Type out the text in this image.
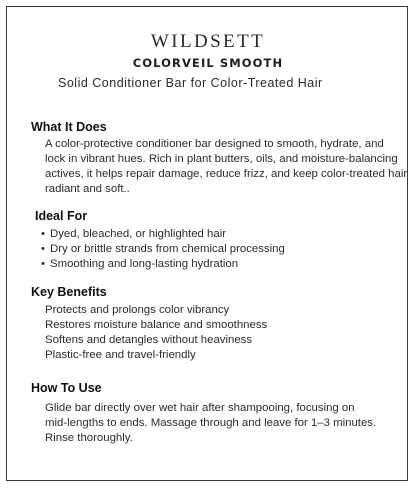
WILDSETT
COLORVEIL SMOOTH
Solid Conditioner Bar for Color-Treated Hair

What It Does

A color-protective conditioner bar designed to smooth, hydrate, and
lock in vibrant hues. Rich in plant butters, oils, and moisture-balancing
actives, it helps repair damage, reduce frizz, and keep color-treated hair
radiant and soft..

Ideal For

• Dyed, bleached, or highlighted hair
• Dry or brittle strands from chemical processing
• Smoothing and long-lasting hydration

Key Benefits

Protects and prolongs color vibrancy
Restores moisture balance and smoothness
Softens and detangles without heaviness
Plastic-free and travel-friendly

How To Use

Glide bar directly over wet hair after shampooing, focusing on
mid-lengths to ends. Massage through and leave for 1–3 minutes.
Rinse thoroughly.
